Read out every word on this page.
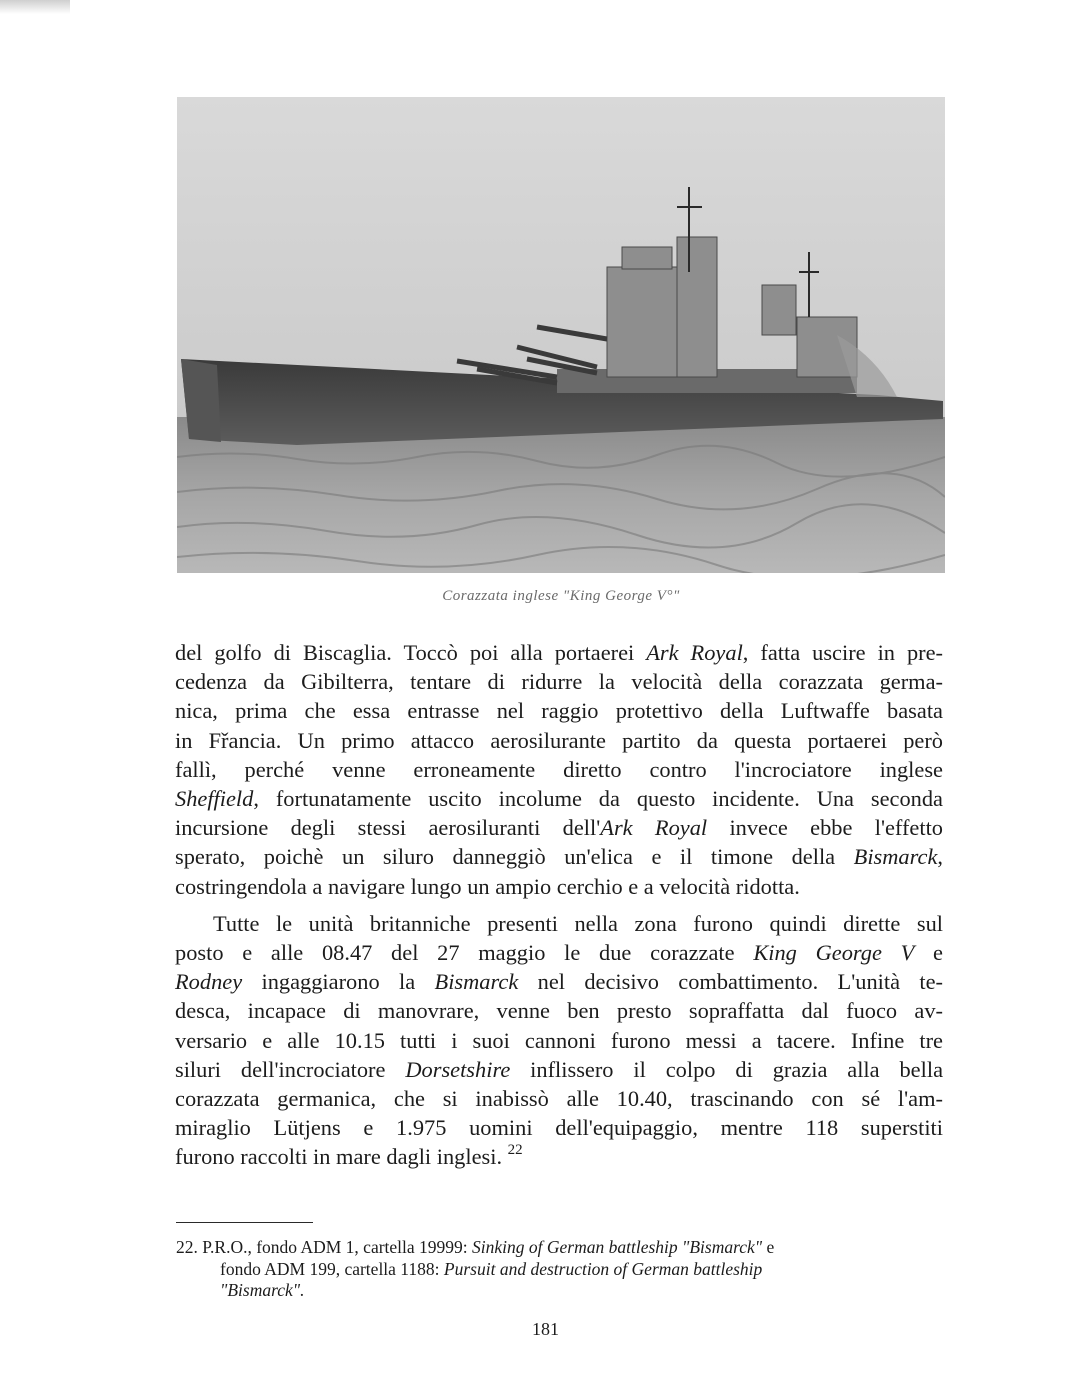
Corazzata inglese "King George V°"
del golfo di Biscaglia. Toccò poi alla portaerei Ark Royal, fatta uscire in pre-
cedenza da Gibilterra, tentare di ridurre la velocità della corazzata germa-
nica, prima che essa entrasse nel raggio protettivo della Luftwaffe basata
in Fřancia. Un primo attacco aerosilurante partito da questa portaerei però
fallì, perché venne erroneamente diretto contro l'incrociatore inglese
Sheffield, fortunatamente uscito incolume da questo incidente. Una seconda
incursione degli stessi aerosiluranti dell'Ark Royal invece ebbe l'effetto
sperato, poichè un siluro danneggiò un'elica e il timone della Bismarck,
costringendola a navigare lungo un ampio cerchio e a velocità ridotta.
Tutte le unità britanniche presenti nella zona furono quindi dirette sul
posto e alle 08.47 del 27 maggio le due corazzate King George V e
Rodney ingaggiarono la Bismarck nel decisivo combattimento. L'unità te-
desca, incapace di manovrare, venne ben presto sopraffatta dal fuoco av-
versario e alle 10.15 tutti i suoi cannoni furono messi a tacere. Infine tre
siluri dell'incrociatore Dorsetshire inflissero il colpo di grazia alla bella
corazzata germanica, che si inabissò alle 10.40, trascinando con sé l'am-
miraglio Lütjens e 1.975 uomini dell'equipaggio, mentre 118 superstiti
furono raccolti in mare dagli inglesi. $^{22}$
22. P.R.O., fondo ADM 1, cartella 19999: Sinking of German battleship "Bismarck" e
fondo ADM 199, cartella 1188: Pursuit and destruction of German battleship
"Bismarck".
181
